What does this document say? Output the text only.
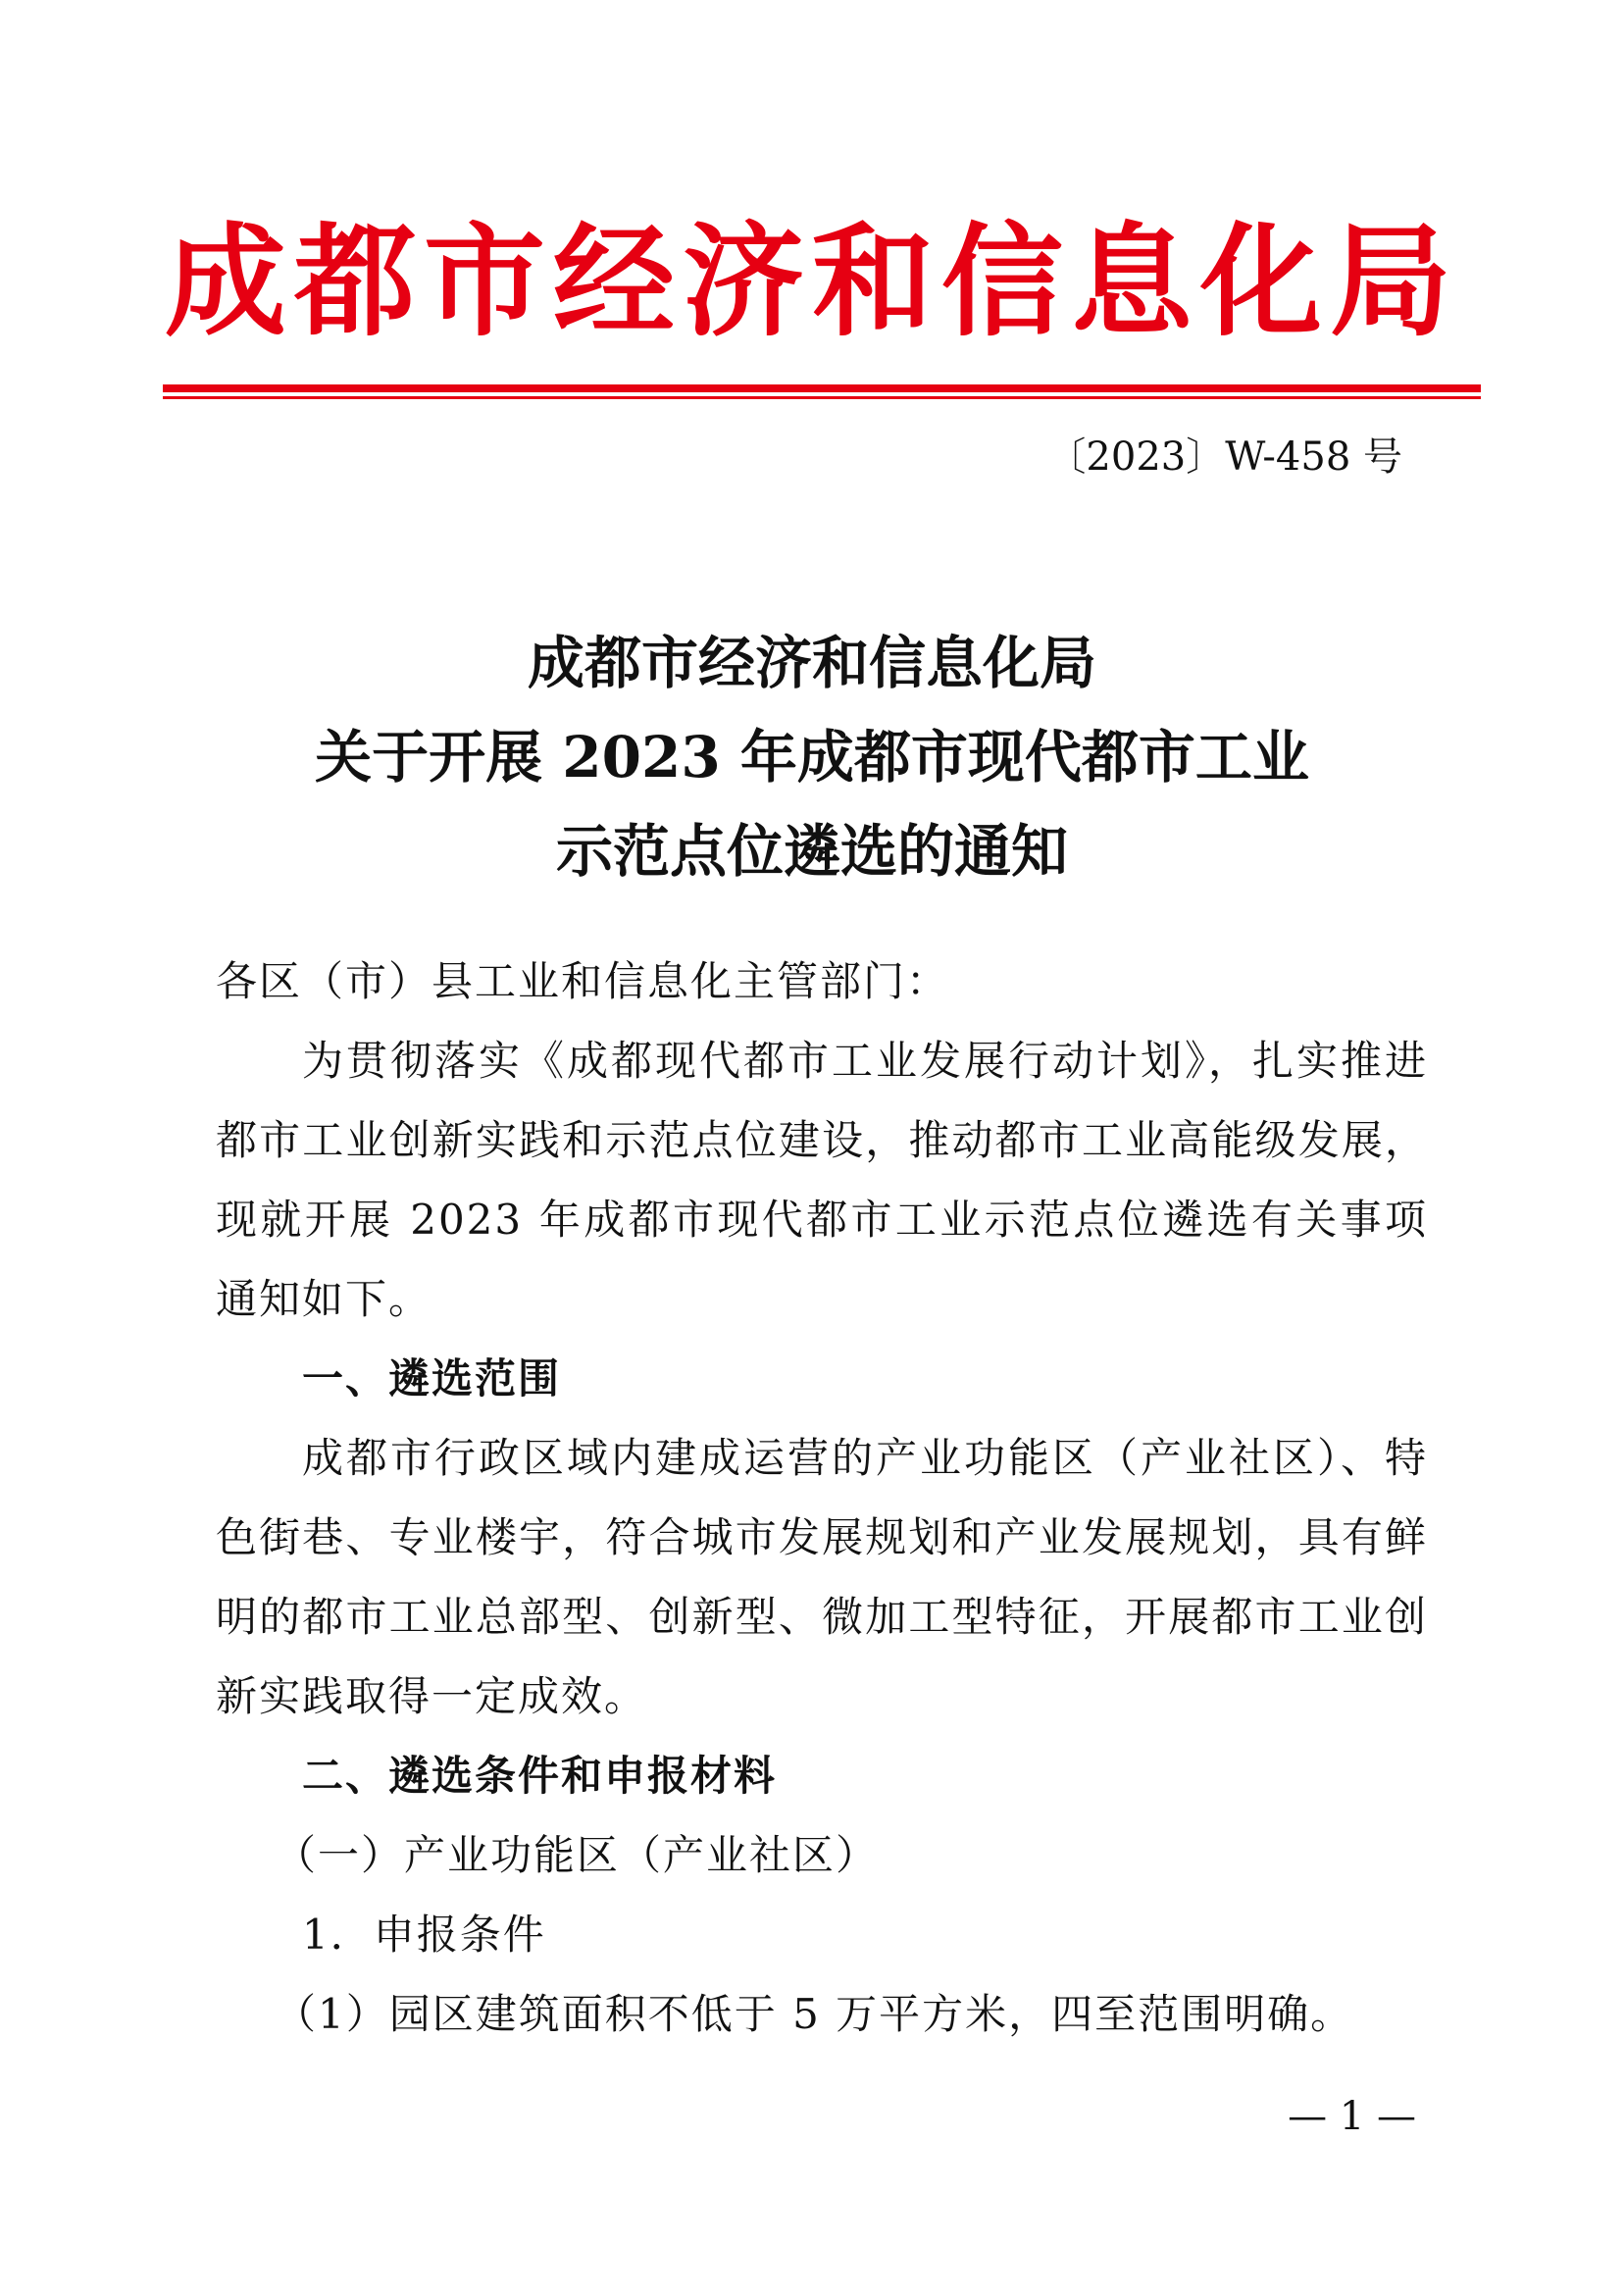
成都市经济和信息化局
〔2023〕W-458 号
成都市经济和信息化局
关于开展 2023 年成都市现代都市工业
示范点位遴选的通知

各区（市）县工业和信息化主管部门：

为贯彻落实《成都现代都市工业发展行动计划》，扎实推进都市工业创新实践和示范点位建设，推动都市工业高能级发展，现就开展 2023 年成都市现代都市工业示范点位遴选有关事项通知如下。

一、遴选范围

成都市行政区域内建成运营的产业功能区（产业社区）、特色街巷、专业楼宇，符合城市发展规划和产业发展规划，具有鲜明的都市工业总部型、创新型、微加工型特征，开展都市工业创新实践取得一定成效。

二、遴选条件和申报材料

（一）产业功能区（产业社区）

1．申报条件

（1）园区建筑面积不低于 5 万平方米，四至范围明确。

— 1 —
